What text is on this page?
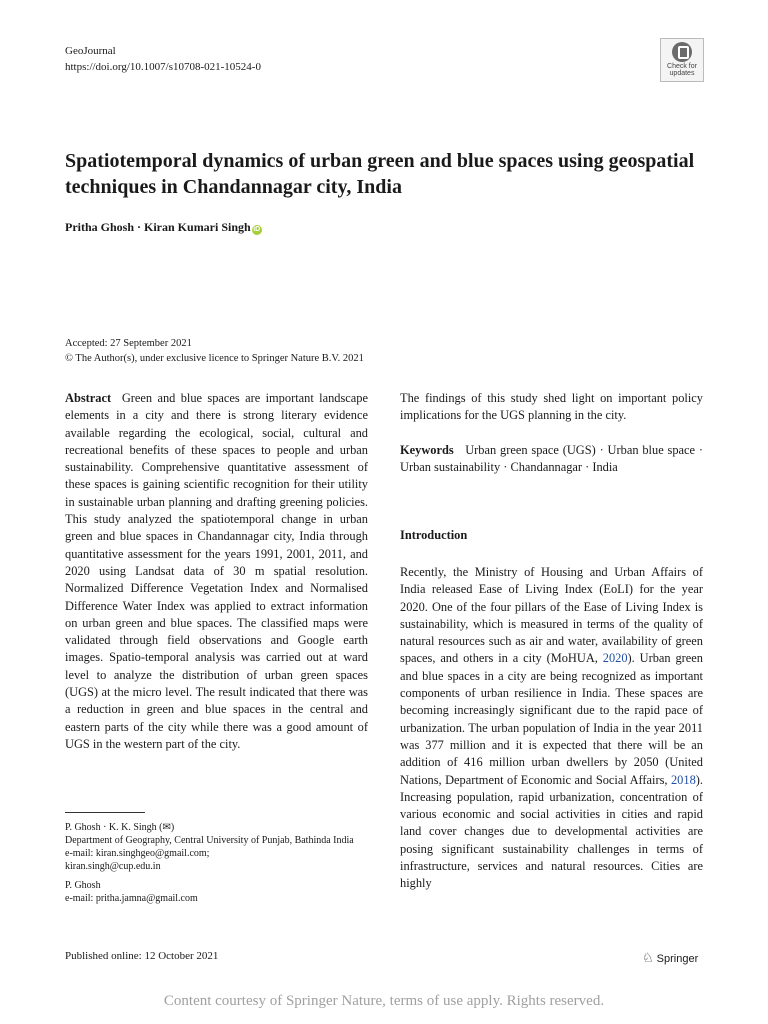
GeoJournal
https://doi.org/10.1007/s10708-021-10524-0	Check for
updates
Spatiotemporal dynamics of urban green and blue spaces using geospatial techniques in Chandannagar city, India
Pritha Ghosh · Kiran Kumari Singh iD
Accepted: 27 September 2021
© The Author(s), under exclusive licence to Springer Nature B.V. 2021
Abstract Green and blue spaces are important landscape elements in a city and there is strong literary evidence available regarding the ecological, social, cultural and recreational benefits of these spaces to people and urban sustainability. Comprehensive quantitative assessment of these spaces is gaining scientific recognition for their utility in sustainable urban planning and drafting greening policies. This study analyzed the spatiotemporal change in urban green and blue spaces in Chandannagar city, India through quantitative assessment for the years 1991, 2001, 2011, and 2020 using Landsat data of 30 m spatial resolution. Normalized Difference Vegetation Index and Normalised Difference Water Index was applied to extract information on urban green and blue spaces. The classified maps were validated through field observations and Google earth images. Spatio-temporal analysis was carried out at ward level to analyze the distribution of urban green spaces (UGS) at the micro level. The result indicated that there was a reduction in green and blue spaces in the central and eastern parts of the city while there was a good amount of UGS in the western part of the city.
The findings of this study shed light on important policy implications for the UGS planning in the city.
Keywords Urban green space (UGS) · Urban blue space · Urban sustainability · Chandannagar · India
Introduction
Recently, the Ministry of Housing and Urban Affairs of India released Ease of Living Index (EoLI) for the year 2020. One of the four pillars of the Ease of Living Index is sustainability, which is measured in terms of the quality of natural resources such as air and water, availability of green spaces, and others in a city (MoHUA, 2020). Urban green and blue spaces in a city are being recognized as important components of urban resilience in India. These spaces are becoming increasingly significant due to the rapid pace of urbanization. The urban population of India in the year 2011 was 377 million and it is expected that there will be an addition of 416 million urban dwellers by 2050 (United Nations, Department of Economic and Social Affairs, 2018). Increasing population, rapid urbanization, concentration of various economic and social activities in cities and rapid land cover changes due to developmental activities are posing significant sustainability challenges in terms of infrastructure, services and natural resources. Cities are highly

P. Ghosh · K. K. Singh (✉)
Department of Geography, Central University of Punjab, Bathinda India
e-mail: kiran.singhgeo@gmail.com;
kiran.singh@cup.edu.in

P. Ghosh
e-mail: pritha.jamna@gmail.com

Published online: 12 October 2021	♘ Springer
Content courtesy of Springer Nature, terms of use apply. Rights reserved.
